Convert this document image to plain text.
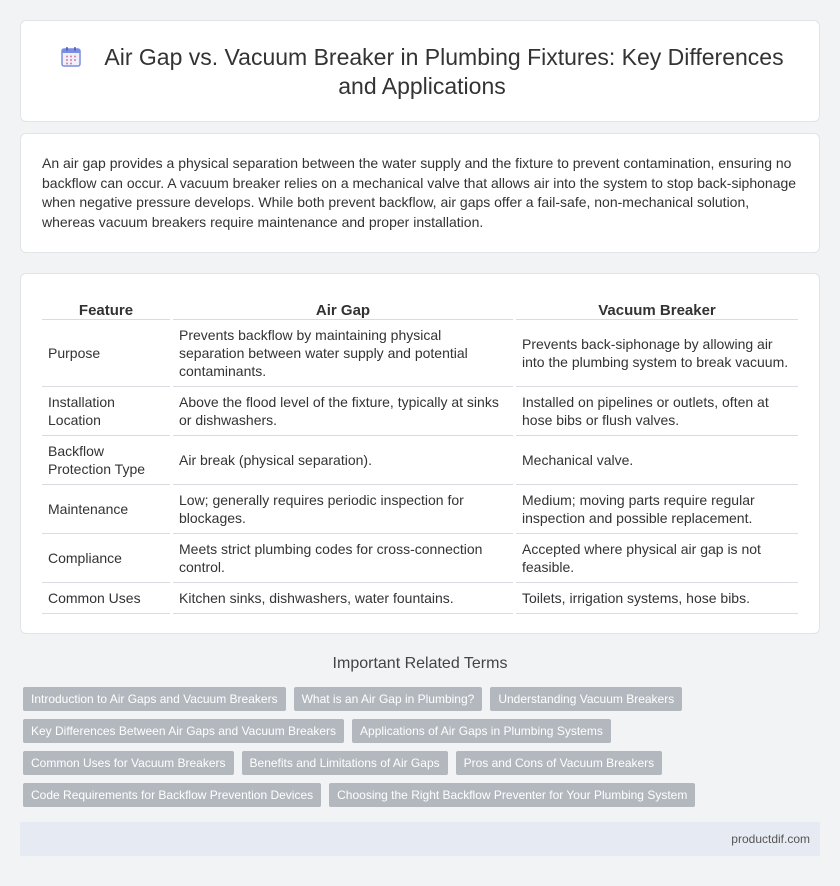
Air Gap vs. Vacuum Breaker in Plumbing Fixtures: Key Differences and Applications

An air gap provides a physical separation between the water supply and the fixture to prevent contamination, ensuring no backflow can occur. A vacuum breaker relies on a mechanical valve that allows air into the system to stop back-siphonage when negative pressure develops. While both prevent backflow, air gaps offer a fail-safe, non-mechanical solution, whereas vacuum breakers require maintenance and proper installation.

Feature		Air Gap		Vacuum Breaker
Purpose		Prevents backflow by maintaining physical separation between water supply and potential contaminants.		Prevents back-siphonage by allowing air into the plumbing system to break vacuum.
Installation Location		Above the flood level of the fixture, typically at sinks or dishwashers.		Installed on pipelines or outlets, often at hose bibs or flush valves.
Backflow Protection Type		Air break (physical separation).		Mechanical valve.
Maintenance		Low; generally requires periodic inspection for blockages.		Medium; moving parts require regular inspection and possible replacement.
Compliance		Meets strict plumbing codes for cross-connection control.		Accepted where physical air gap is not feasible.
Common Uses		Kitchen sinks, dishwashers, water fountains.		Toilets, irrigation systems, hose bibs.
Important Related Terms
Introduction to Air Gaps and Vacuum Breakers	What is an Air Gap in Plumbing?	Understanding Vacuum Breakers
Key Differences Between Air Gaps and Vacuum Breakers	Applications of Air Gaps in Plumbing Systems
Common Uses for Vacuum Breakers	Benefits and Limitations of Air Gaps	Pros and Cons of Vacuum Breakers
Code Requirements for Backflow Prevention Devices	Choosing the Right Backflow Preventer for Your Plumbing System
productdif.com
